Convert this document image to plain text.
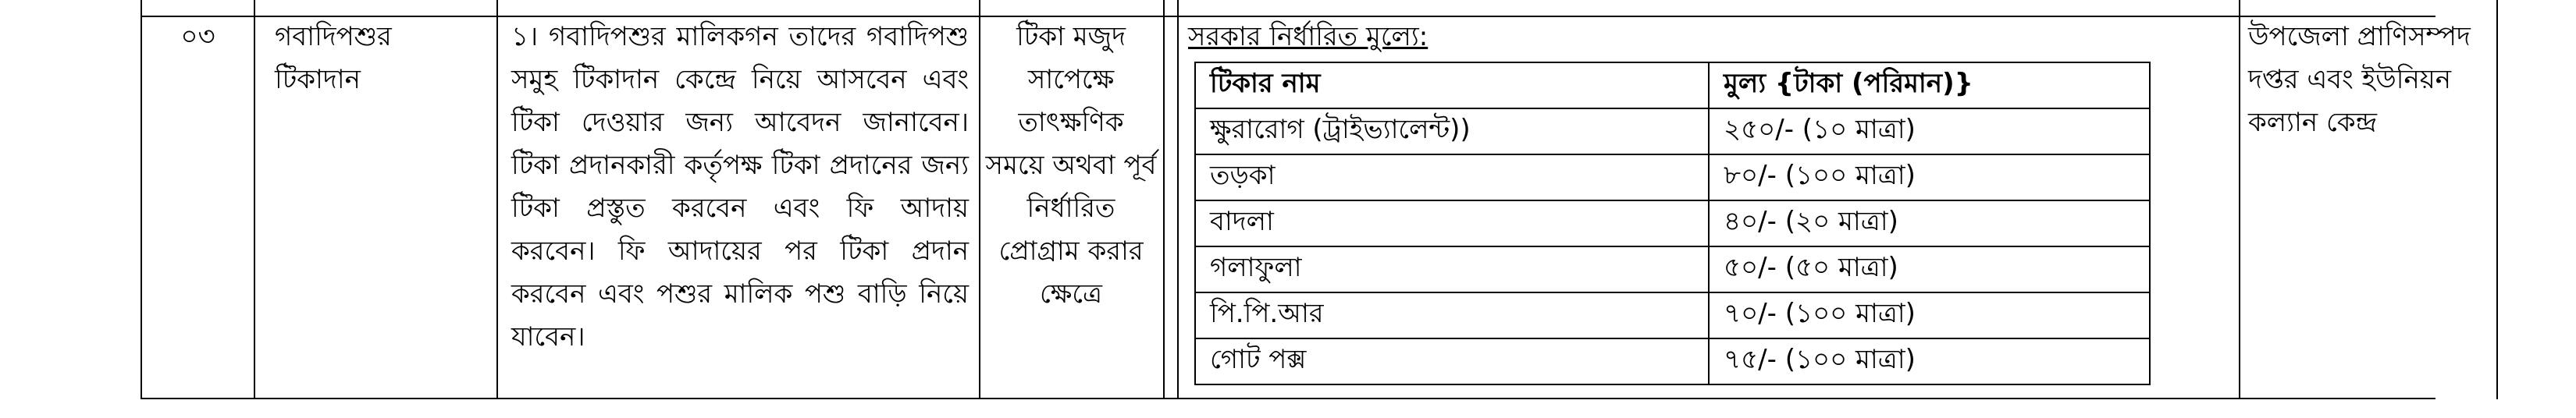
০৩	গবাদিপশুর টিকাদান

১। গবাদিপশুর মালিকগন তাদের গবাদিপশু সমুহ টিকাদান কেন্দ্রে নিয়ে আসবেন এবং টিকা দেওয়ার জন্য আবেদন জানাবেন। টিকা প্রদানকারী কর্তৃপক্ষ টিকা প্রদানের জন্য টিকা প্রস্তুত করবেন এবং ফি আদায় করবেন। ফি আদায়ের পর টিকা প্রদান করবেন এবং পশুর মালিক পশু বাড়ি নিয়ে যাবেন।

টিকা মজুদ সাপেক্ষে তাৎক্ষণিক সময়ে অথবা পূর্ব নির্ধারিত প্রোগ্রাম করার ক্ষেত্রে
সরকার নির্ধারিত মুল্যে:
টিকার নাম	মুল্য {টাকা (পরিমান)}
ক্ষুরারোগ (ট্রাইভ্যালেন্ট))	২৫০/- (১০ মাত্রা)
তড়কা	৮০/- (১০০ মাত্রা)
বাদলা	৪০/- (২০ মাত্রা)
গলাফুলা	৫০/- (৫০ মাত্রা)
পি.পি.আর	৭০/- (১০০ মাত্রা)
গোট পক্স	৭৫/- (১০০ মাত্রা)
উপজেলা প্রাণিসম্পদ দপ্তর এবং ইউনিয়ন কল্যান কেন্দ্র
